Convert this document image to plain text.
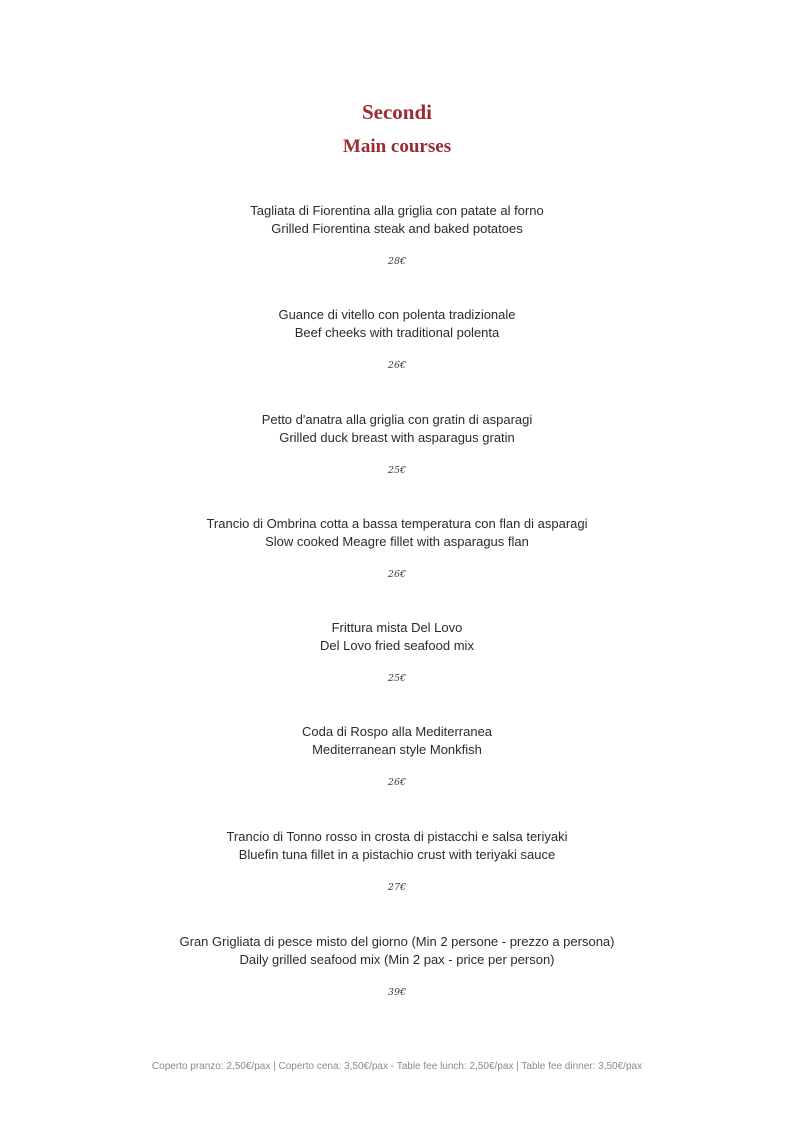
Secondi
Main courses
Tagliata di Fiorentina alla griglia con patate al forno
Grilled Fiorentina steak and baked potatoes
28€
Guance di vitello con polenta tradizionale
Beef cheeks with traditional polenta
26€
Petto d'anatra alla griglia con gratin di asparagi
Grilled duck breast with asparagus gratin
25€
Trancio di Ombrina cotta a bassa temperatura con flan di asparagi
Slow cooked Meagre fillet with asparagus flan
26€
Frittura mista Del Lovo
Del Lovo fried seafood mix
25€
Coda di Rospo alla Mediterranea
Mediterranean style Monkfish
26€
Trancio di Tonno rosso in crosta di pistacchi e salsa teriyaki
Bluefin tuna fillet in a pistachio crust with teriyaki sauce
27€
Gran Grigliata di pesce misto del giorno (Min 2 persone - prezzo a persona)
Daily grilled seafood mix (Min 2 pax - price per person)
39€
Coperto pranzo: 2,50€/pax | Coperto cena: 3,50€/pax - Table fee lunch: 2,50€/pax | Table fee dinner: 3,50€/pax
